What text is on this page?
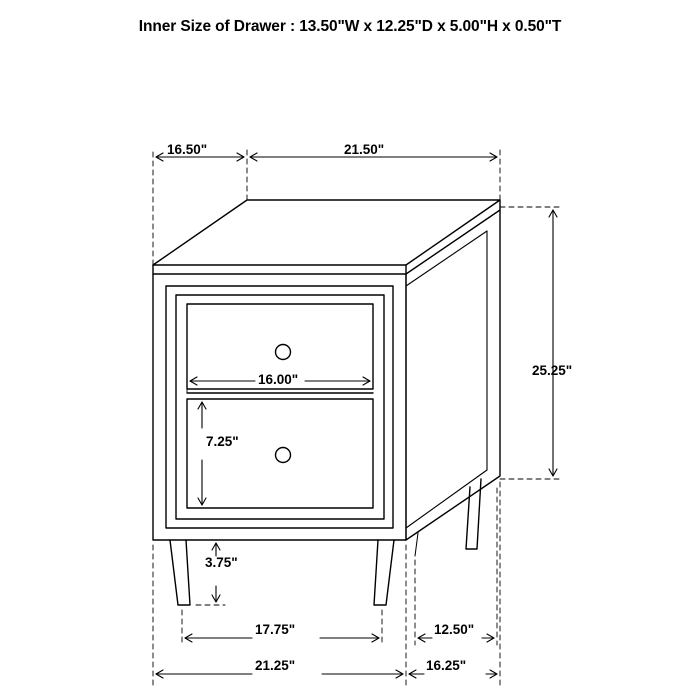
Inner Size of Drawer : 13.50"W x 12.25"D x 5.00"H x 0.50"T
16.50"	21.50"
25.25"
16.00"
7.25"
3.75"
17.75"	12.50"
21.25"	16.25"
